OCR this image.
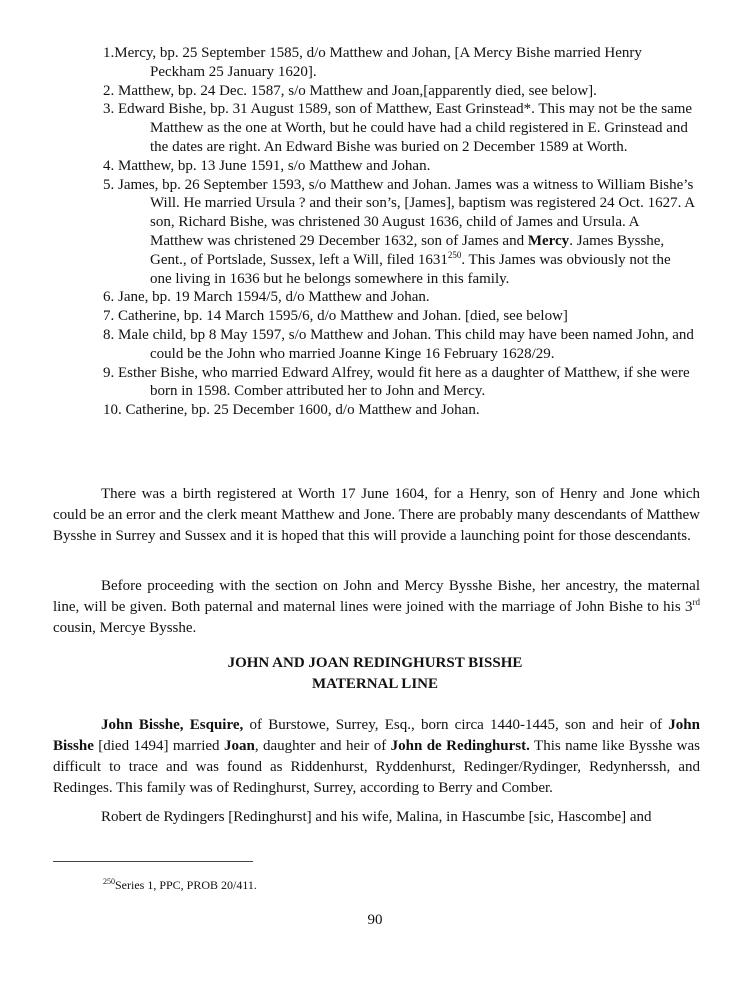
1.Mercy, bp. 25 September 1585, d/o Matthew and Johan, [A Mercy Bishe married Henry Peckham 25 January 1620].

2. Matthew, bp. 24 Dec. 1587, s/o Matthew and Joan,[apparently died, see below].

3. Edward Bishe, bp. 31 August 1589, son of Matthew, East Grinstead*. This may not be the same Matthew as the one at Worth, but he could have had a child registered in E. Grinstead and the dates are right. An Edward Bishe was buried on 2 December 1589 at Worth.

4. Matthew, bp. 13 June 1591, s/o Matthew and Johan.

5. James, bp. 26 September 1593, s/o Matthew and Johan. James was a witness to William Bishe’s Will. He married Ursula ? and their son’s, [James], baptism was registered 24 Oct. 1627. A son, Richard Bishe, was christened 30 August 1636, child of James and Ursula. A Matthew was christened 29 December 1632, son of James and Mercy. James Bysshe, Gent., of Portslade, Sussex, left a Will, filed 1631$^{250}$. This James was obviously not the one living in 1636 but he belongs somewhere in this family.

6. Jane, bp. 19 March 1594/5, d/o Matthew and Johan.

7. Catherine, bp. 14 March 1595/6, d/o Matthew and Johan. [died, see below]

8. Male child, bp 8 May 1597, s/o Matthew and Johan. This child may have been named John, and could be the John who married Joanne Kinge 16 February 1628/29.

9. Esther Bishe, who married Edward Alfrey, would fit here as a daughter of Matthew, if she were born in 1598. Comber attributed her to John and Mercy.

10. Catherine, bp. 25 December 1600, d/o Matthew and Johan.

There was a birth registered at Worth 17 June 1604, for a Henry, son of Henry and Jone which could be an error and the clerk meant Matthew and Jone. There are probably many descendants of Matthew Bysshe in Surrey and Sussex and it is hoped that this will provide a launching point for those descendants.

Before proceeding with the section on John and Mercy Bysshe Bishe, her ancestry, the maternal line, will be given. Both paternal and maternal lines were joined with the marriage of John Bishe to his 3rd cousin, Mercye Bysshe.

JOHN AND JOAN REDINGHURST BISSHE
MATERNAL LINE

John Bisshe, Esquire, of Burstowe, Surrey, Esq., born circa 1440-1445, son and heir of John Bisshe [died 1494] married Joan, daughter and heir of John de Redinghurst. This name like Bysshe was difficult to trace and was found as Riddenhurst, Ryddenhurst, Redinger/Rydinger, Redynherssh, and Redinges. This family was of Redinghurst, Surrey, according to Berry and Comber.

Robert de Rydingers [Redinghurst] and his wife, Malina, in Hascumbe [sic, Hascombe] and

$^{250}$Series 1, PPC, PROB 20/411.
90
